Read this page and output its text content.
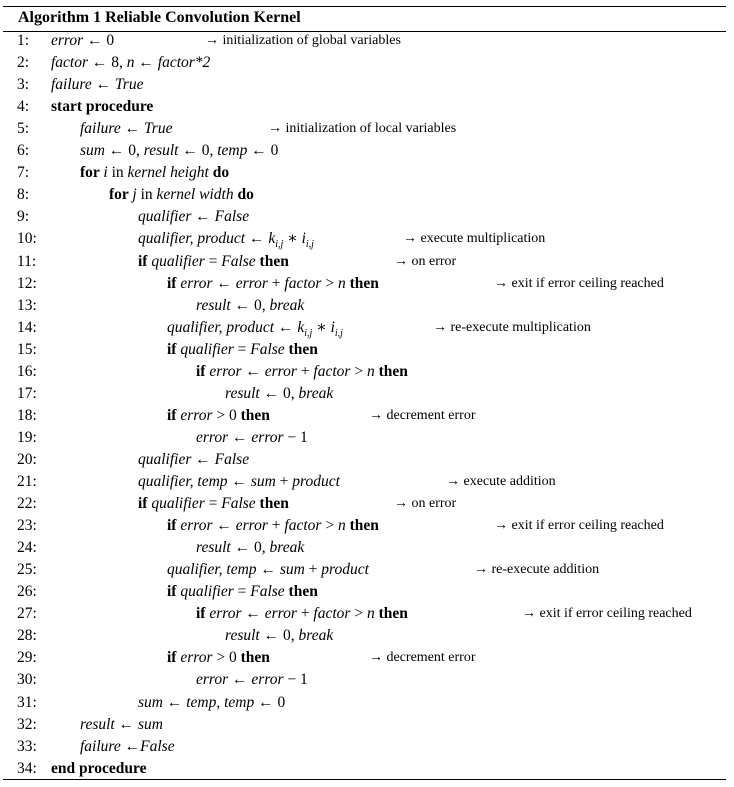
Algorithm 1 Reliable Convolution Kernel
1: error ← 0	→ initialization of global variables
2: factor ← 8, n ← factor*2
3: failure ← True
4: start procedure
5:	failure ← True	→ initialization of local variables
6:	sum ← 0, result ← 0, temp ← 0
7:	for i in kernel height do
8:	for j in kernel width do
9:	qualifier ← False
10:	qualifier, product ← $k_{i,j}$ ∗ $i_{i,j}$	→ execute multiplication
11:	if qualifier = False then	→ on error
12:	if error ← error + factor > n then	→ exit if error ceiling reached
13:	result ← 0, break
14:	qualifier, product ← $k_{i,j}$ ∗ $i_{i,j}$	→ re-execute multiplication
15:	if qualifier = False then
16:	if error ← error + factor > n then
17:	result ← 0, break
18:	if error > 0 then	→ decrement error
19:	error ← error − 1
20:	qualifier ← False
21:	qualifier, temp ← sum + product	→ execute addition
22:	if qualifier = False then	→ on error
23:	if error ← error + factor > n then	→ exit if error ceiling reached
24:	result ← 0, break
25:	qualifier, temp ← sum + product	→ re-execute addition
26:	if qualifier = False then
27:	if error ← error + factor > n then	→ exit if error ceiling reached
28:	result ← 0, break
29:	if error > 0 then	→ decrement error
30:	error ← error − 1
31:	sum ← temp, temp ← 0
32:	result ← sum
33:	failure ←False
34: end procedure
